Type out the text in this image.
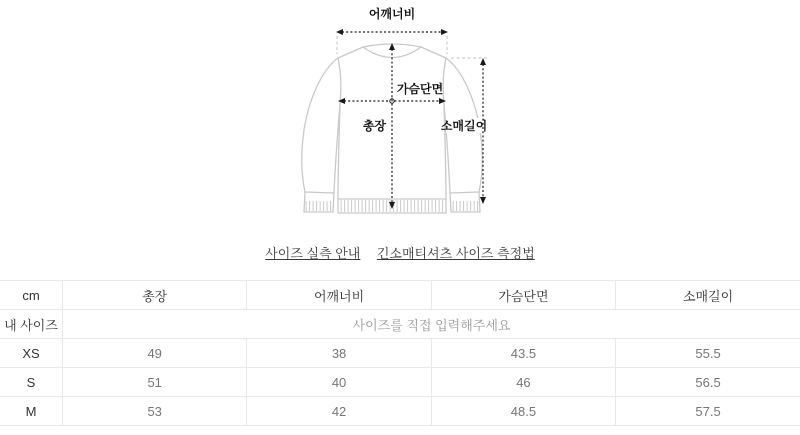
어깨너비
가슴단면
총장	소매길이
사이즈 실측 안내 긴소매티셔츠 사이즈 측정법
cm	총장	어깨너비	가슴단면	소매길이
내 사이즈	사이즈를 직접 입력해주세요			
XS	49	38	43.5	55.5
S	51	40	46	56.5
M	53	42	48.5	57.5
